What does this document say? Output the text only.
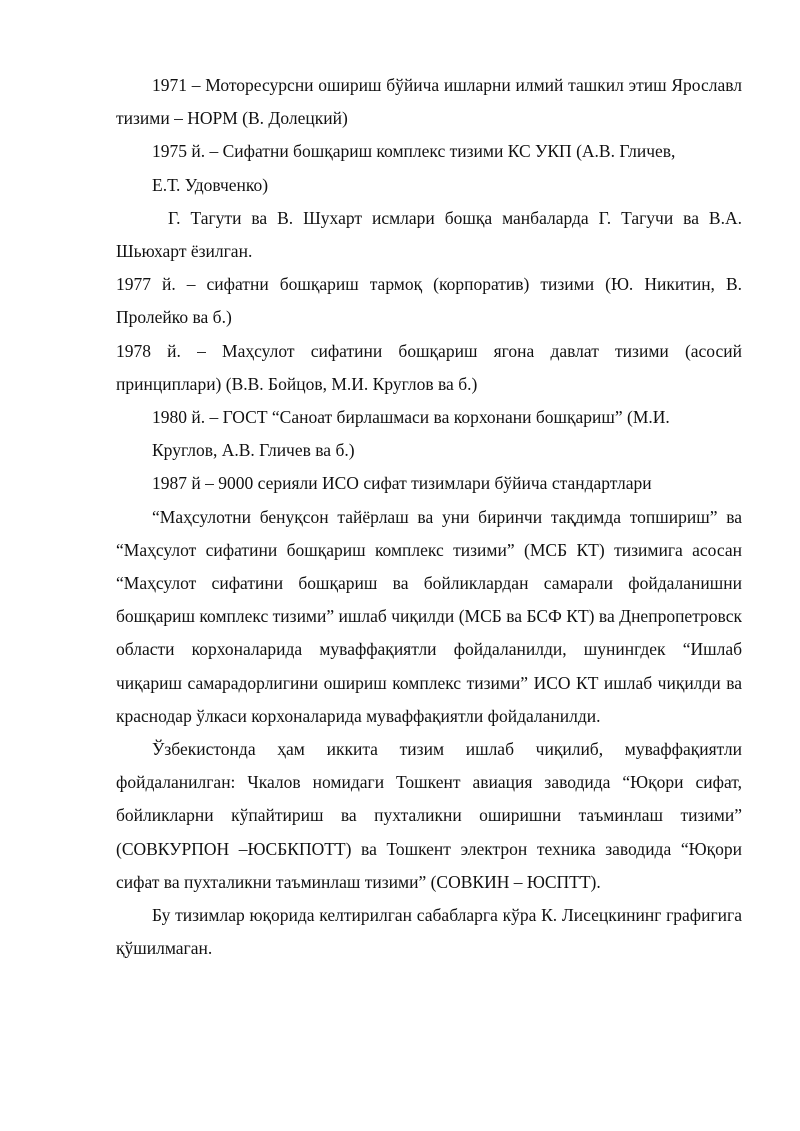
1971 – Моторесурсни ошириш бўйича ишларни илмий ташкил этиш Ярославл тизими – НОРМ (В. Долецкий)

1975 й. – Сифатни бошқариш комплекс тизими КС УКП (А.В. Гличев,

Е.Т. Удовченко)

Г. Тагути ва В. Шухарт исмлари бошқа манбаларда Г. Тагучи ва В.А. Шьюхарт ёзилган.

1977 й. – сифатни бошқариш тармоқ (корпоратив) тизими (Ю. Никитин, В. Пролейко ва б.)

1978 й. – Маҳсулот сифатини бошқариш ягона давлат тизими (асосий принциплари) (В.В. Бойцов, М.И. Круглов ва б.)

1980 й. – ГОСТ “Саноат бирлашмаси ва корхонани бошқариш” (М.И.

Круглов, А.В. Гличев ва б.)

1987 й – 9000 серияли ИСО сифат тизимлари бўйича стандартлари

“Маҳсулотни бенуқсон тайёрлаш ва уни биринчи тақдимда топшириш” ва “Маҳсулот сифатини бошқариш комплекс тизими” (МСБ КТ) тизимига асосан “Маҳсулот сифатини бошқариш ва бойликлардан самарали фойдаланишни бошқариш комплекс тизими” ишлаб чиқилди (МСБ ва БСФ КТ) ва Днепропетровск области корхоналарида муваффақиятли фойдаланилди, шунингдек “Ишлаб чиқариш самарадорлигини ошириш комплекс тизими” ИСО КТ ишлаб чиқилди ва краснодар ўлкаси корхоналарида муваффақиятли фойдаланилди.

Ўзбекистонда ҳам иккита тизим ишлаб чиқилиб, муваффақиятли фойдаланилган: Чкалов номидаги Тошкент авиация заводида “Юқори сифат, бойликларни кўпайтириш ва пухталикни оширишни таъминлаш тизими” (СОВКУРПОН –ЮСБКПОТТ) ва Тошкент электрон техника заводида “Юқори сифат ва пухталикни таъминлаш тизими” (СОВКИН – ЮСПТТ).

Бу тизимлар юқорида келтирилган сабабларга кўра К. Лисецкининг графигига қўшилмаган.
